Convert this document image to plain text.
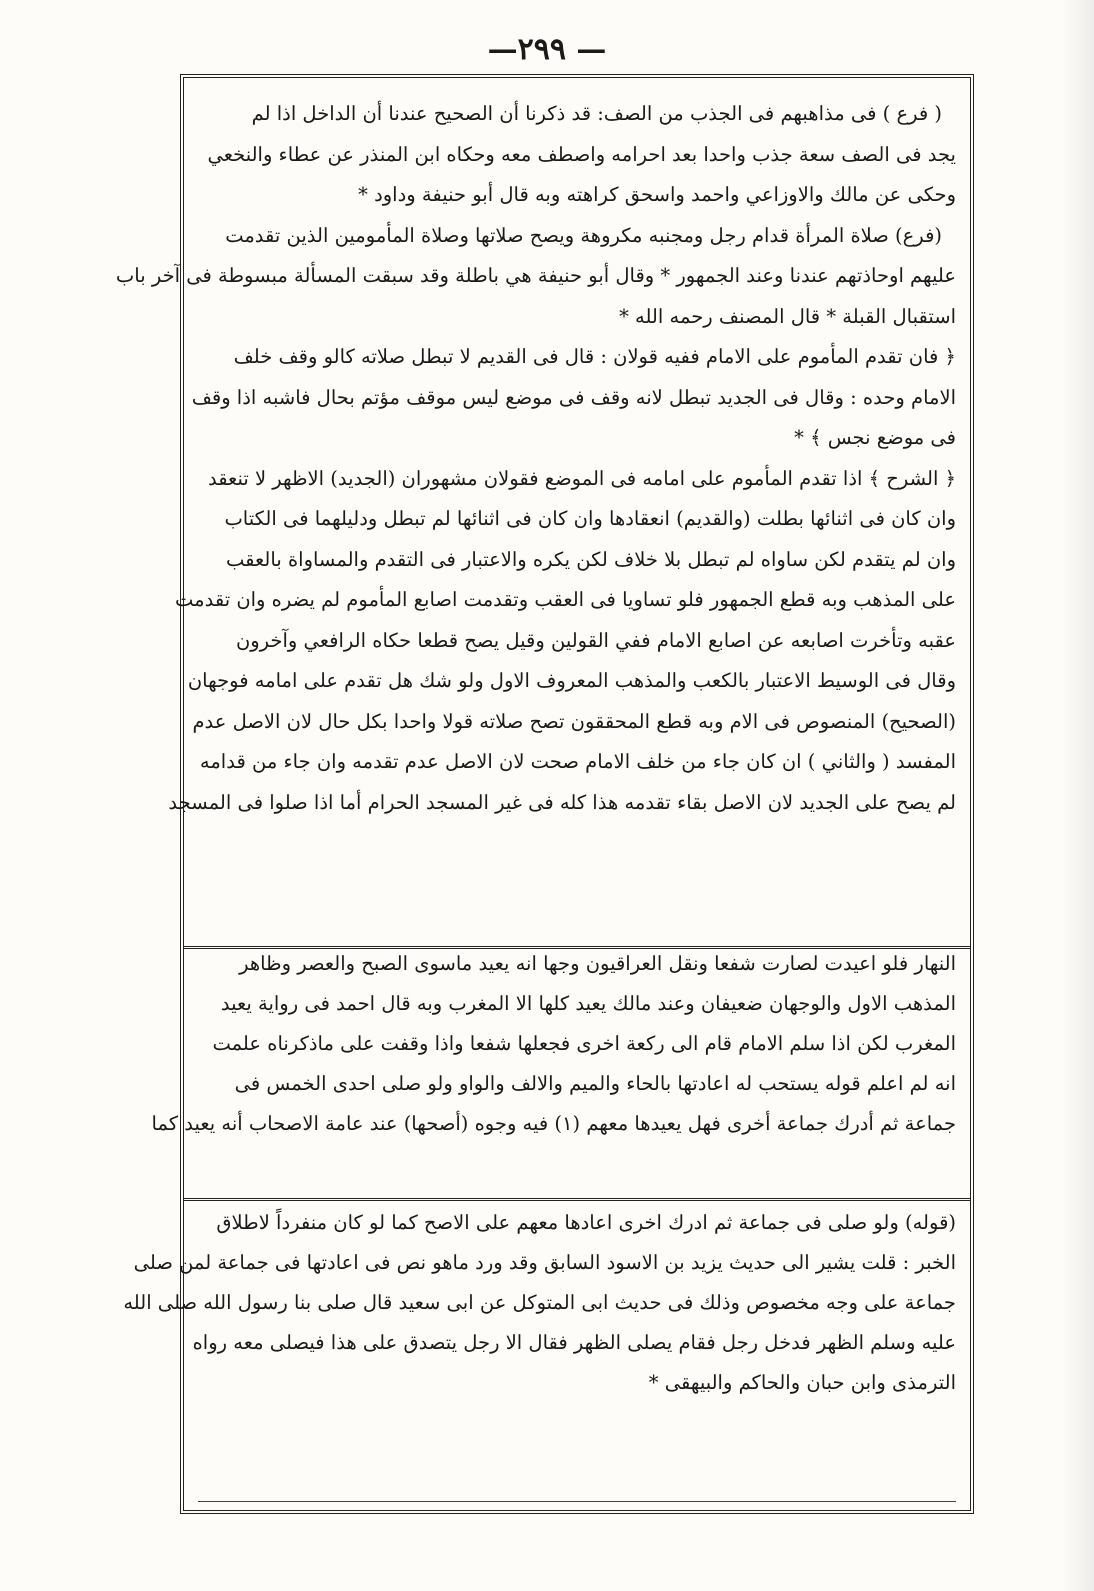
— ٢٩٩—
( فرع ) فى مذاهبهم فى الجذب من الصف: قد ذكرنا أن الصحيح عندنا أن الداخل اذا لم
يجد فى الصف سعة جذب واحدا بعد احرامه واصطف معه وحكاه ابن المنذر عن عطاء والنخعي
وحكى عن مالك والاوزاعي واحمد واسحق كراهته وبه قال أبو حنيفة وداود *
(فرع) صلاة المرأة قدام رجل ومجنبه مكروهة ويصح صلاتها وصلاة المأمومين الذين تقدمت
عليهم اوحاذتهم عندنا وعند الجمهور * وقال أبو حنيفة هي باطلة وقد سبقت المسألة مبسوطة فى آخر باب
استقبال القبلة * قال المصنف رحمه الله *
﴿ فان تقدم المأموم على الامام ففيه قولان : قال فى القديم لا تبطل صلاته كالو وقف خلف
الامام وحده : وقال فى الجديد تبطل لانه وقف فى موضع ليس موقف مؤتم بحال فاشبه اذا وقف
فى موضع نجس ﴾ *
﴿ الشرح ﴾ اذا تقدم المأموم على امامه فى الموضع فقولان مشهوران (الجديد) الاظهر لا تنعقد
وان كان فى اثنائها بطلت (والقديم) انعقادها وان كان فى اثنائها لم تبطل ودليلهما فى الكتاب
وان لم يتقدم لكن ساواه لم تبطل بلا خلاف لكن يكره والاعتبار فى التقدم والمساواة بالعقب
على المذهب وبه قطع الجمهور فلو تساويا فى العقب وتقدمت اصابع المأموم لم يضره وان تقدمت
عقبه وتأخرت اصابعه عن اصابع الامام ففي القولين وقيل يصح قطعا حكاه الرافعي وآخرون
وقال فى الوسيط الاعتبار بالكعب والمذهب المعروف الاول ولو شك هل تقدم على امامه فوجهان
(الصحيح) المنصوص فى الام وبه قطع المحققون تصح صلاته قولا واحدا بكل حال لان الاصل عدم
المفسد ( والثاني ) ان كان جاء من خلف الامام صحت لان الاصل عدم تقدمه وان جاء من قدامه
لم يصح على الجديد لان الاصل بقاء تقدمه هذا كله فى غير المسجد الحرام أما اذا صلوا فى المسجد
النهار فلو اعيدت لصارت شفعا ونقل العراقيون وجها انه يعيد ماسوى الصبح والعصر وظاهر
المذهب الاول والوجهان ضعيفان وعند مالك يعيد كلها الا المغرب وبه قال احمد فى رواية يعيد
المغرب لكن اذا سلم الامام قام الى ركعة اخرى فجعلها شفعا واذا وقفت على ماذكرناه علمت
انه لم اعلم قوله يستحب له اعادتها بالحاء والميم والالف والواو ولو صلى احدى الخمس فى
جماعة ثم أدرك جماعة أخرى فهل يعيدها معهم (١) فيه وجوه (أصحها) عند عامة الاصحاب أنه يعيد كما
(قوله) ولو صلى فى جماعة ثم ادرك اخرى اعادها معهم على الاصح كما لو كان منفرداً لاطلاق
الخبر : قلت يشير الى حديث يزيد بن الاسود السابق وقد ورد ماهو نص فى اعادتها فى جماعة لمن صلى
جماعة على وجه مخصوص وذلك فى حديث ابى المتوكل عن ابى سعيد قال صلى بنا رسول الله صلى الله
عليه وسلم الظهر فدخل رجل فقام يصلى الظهر فقال الا رجل يتصدق على هذا فيصلى معه رواه
الترمذى وابن حبان والحاكم والبيهقى *
